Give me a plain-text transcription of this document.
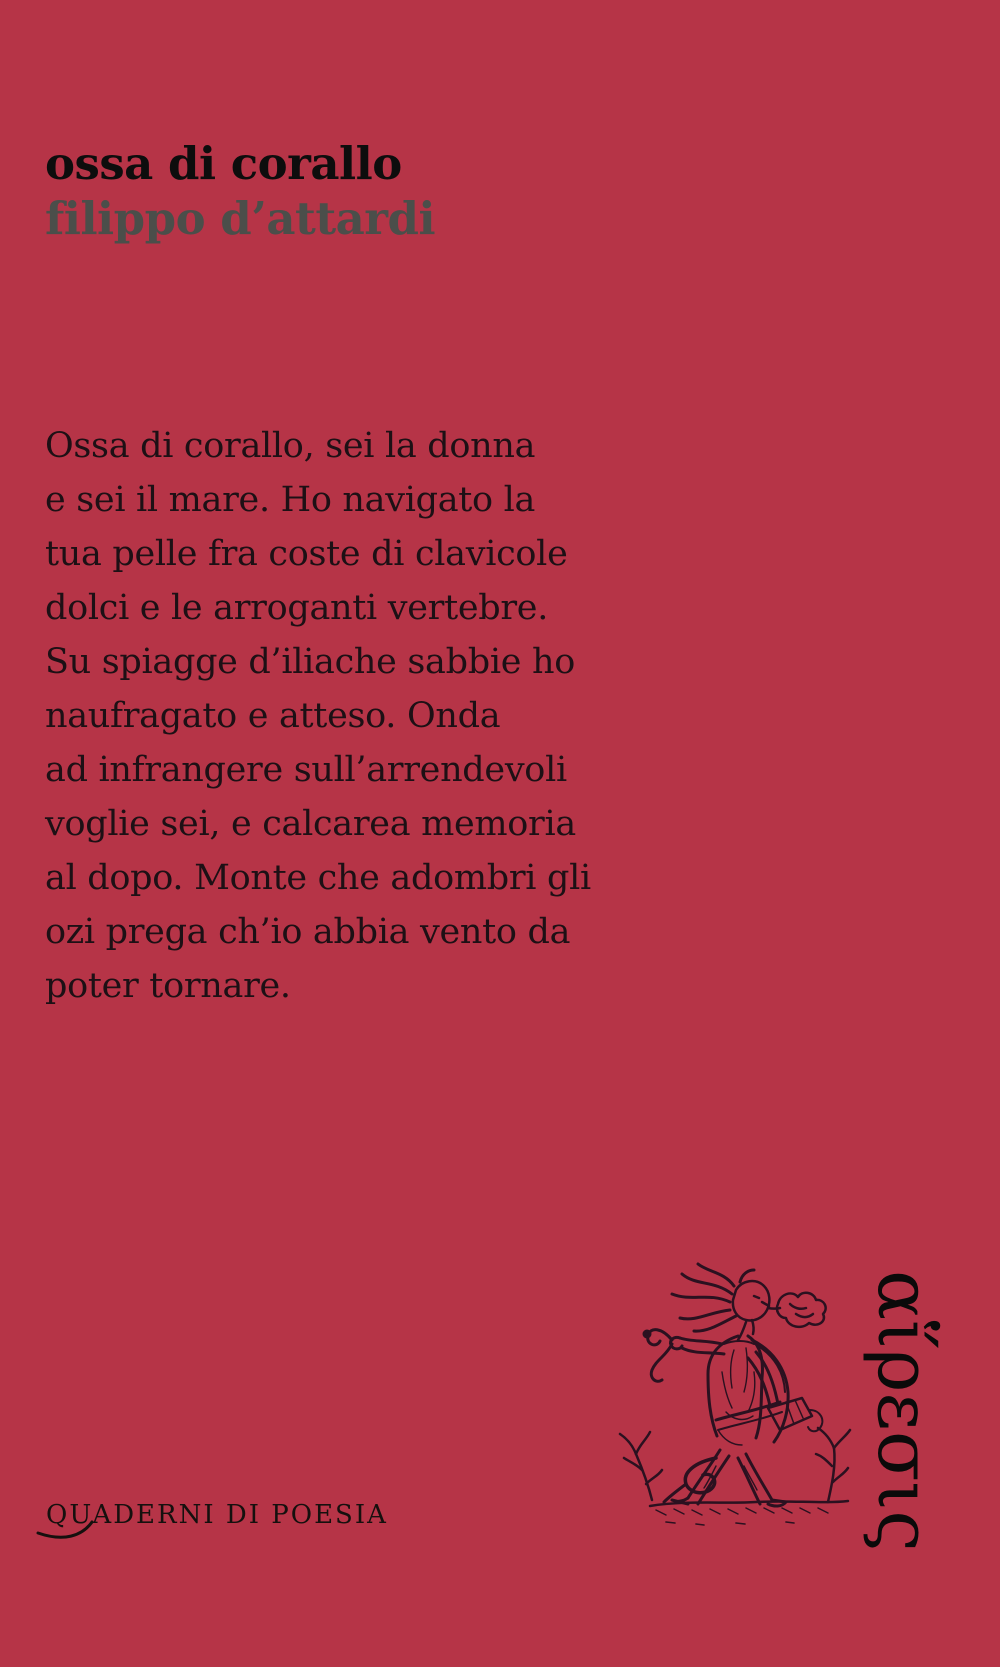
ossa di corallo
filippo d’attardi
Ossa di corallo, sei la donna
e sei il mare. Ho navigato la
tua pelle fra coste di clavicole
dolci e le arroganti vertebre.
Su spiagge d’iliache sabbie ho
naufragato e atteso. Onda
ad infrangere sull’arrendevoli
voglie sei, e calcarea memoria
al dopo. Monte che adombri gli
ozi prega ch’io abbia vento da
poter tornare.
QUADERNI DI POESIA	αἵρεσις
